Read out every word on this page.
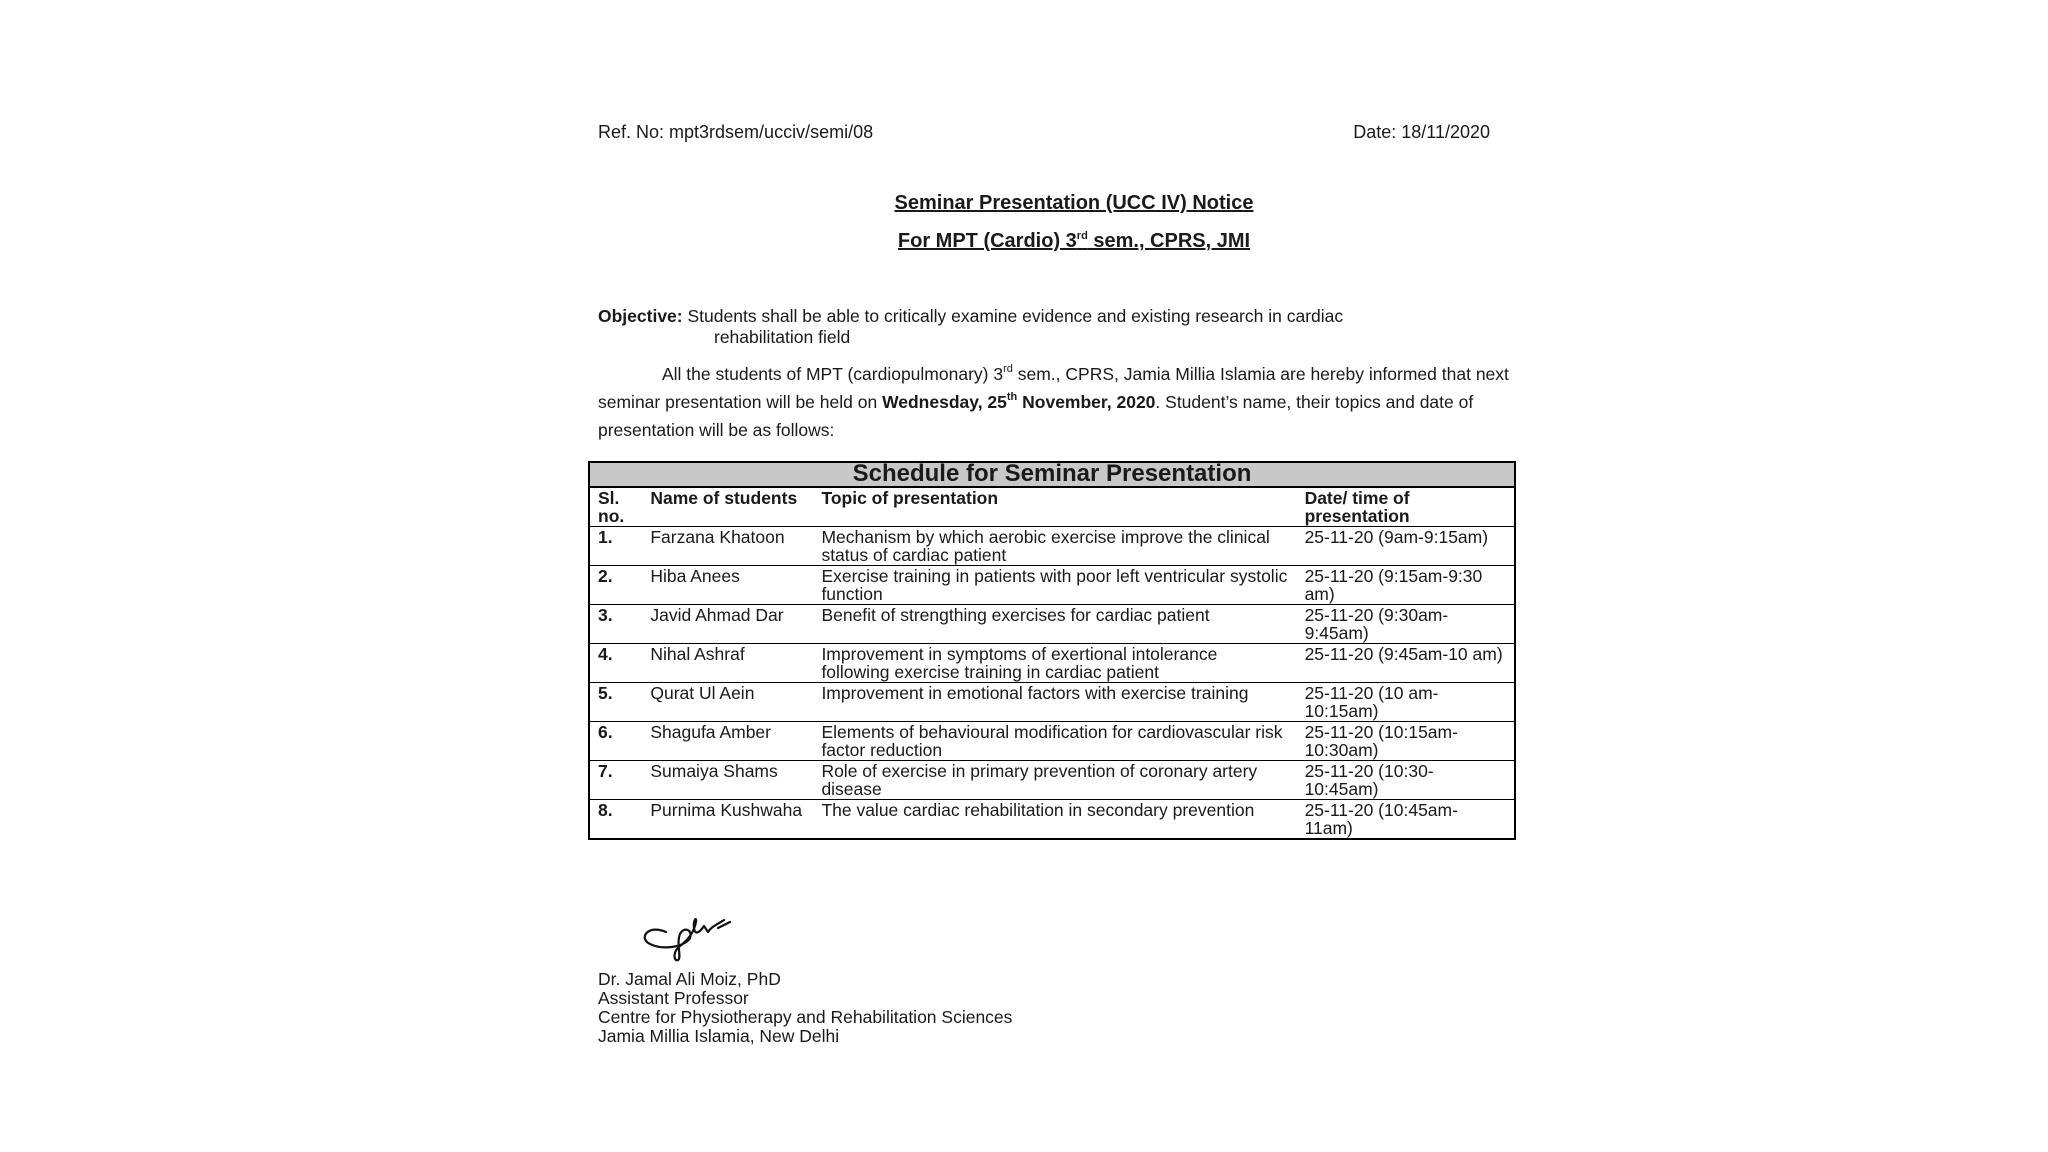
Ref. No: mpt3rdsem/ucciv/semi/08	Date: 18/11/2020
Seminar Presentation (UCC IV) Notice
For MPT (Cardio) 3rd sem., CPRS, JMI
Objective: Students shall be able to critically examine evidence and existing research in cardiac
rehabilitation field
All the students of MPT (cardiopulmonary) 3rd sem., CPRS, Jamia Millia Islamia are hereby informed that next seminar presentation will be held on Wednesday, 25th November, 2020. Student’s name, their topics and date of presentation will be as follows:
Schedule for Seminar Presentation			
Sl. no.	Name of students	Topic of presentation	Date/ time of presentation
1.	Farzana Khatoon	Mechanism by which aerobic exercise improve the clinical status of cardiac patient	25-11-20 (9am-9:15am)
2.	Hiba Anees	Exercise training in patients with poor left ventricular systolic function	25-11-20 (9:15am-9:30 am)
3.	Javid Ahmad Dar	Benefit of strengthing exercises for cardiac patient	25-11-20 (9:30am-9:45am)
4.	Nihal Ashraf	Improvement in symptoms of exertional intolerance following exercise training in cardiac patient	25-11-20 (9:45am-10 am)
5.	Qurat Ul Aein	Improvement in emotional factors with exercise training	25-11-20 (10 am-10:15am)
6.	Shagufa Amber	Elements of behavioural modification for cardiovascular risk factor reduction	25-11-20 (10:15am-10:30am)
7.	Sumaiya Shams	Role of exercise in primary prevention of coronary artery disease	25-11-20 (10:30-10:45am)
8.	Purnima Kushwaha	The value cardiac rehabilitation in secondary prevention	25-11-20 (10:45am-11am)
Dr. Jamal Ali Moiz, PhD
Assistant Professor
Centre for Physiotherapy and Rehabilitation Sciences
Jamia Millia Islamia, New Delhi
